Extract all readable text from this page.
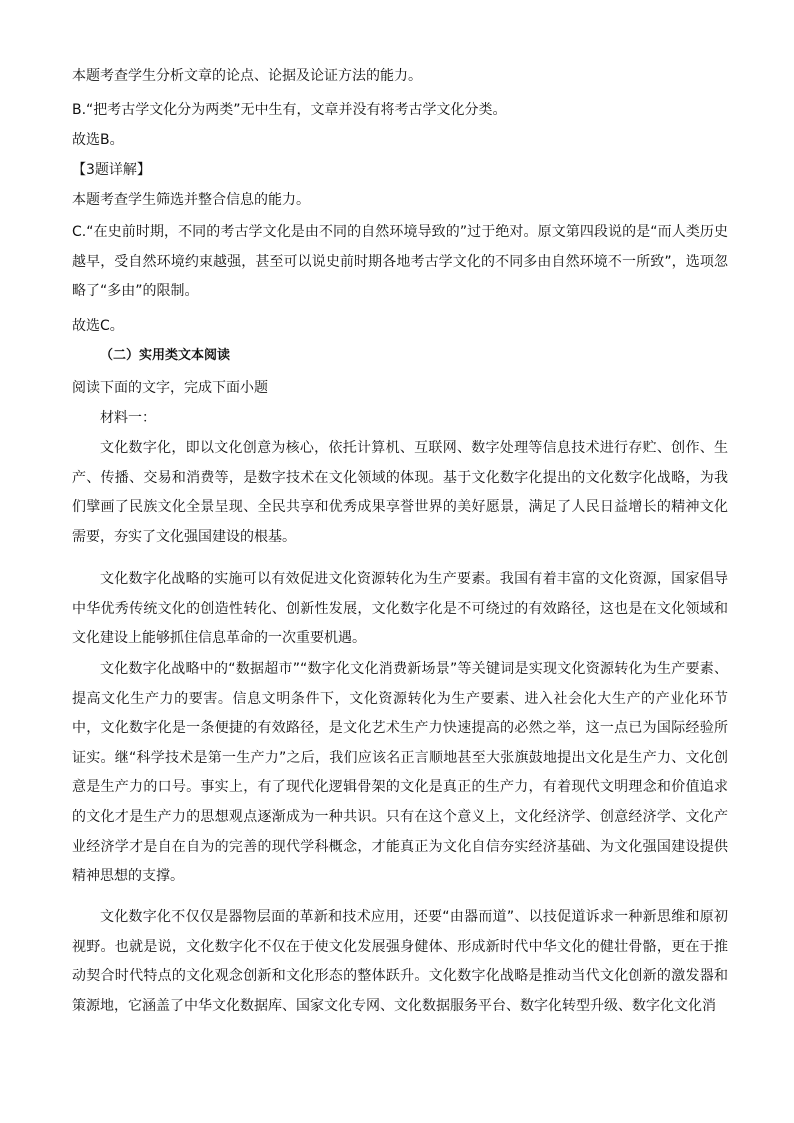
本题考查学生分析文章的论点、论据及论证方法的能力。

B.“把考古学文化分为两类”无中生有，文章并没有将考古学文化分类。

故选B。

【3题详解】

本题考查学生筛选并整合信息的能力。

C.“在史前时期，不同的考古学文化是由不同的自然环境导致的”过于绝对。原文第四段说的是“而人类历史越早，受自然环境约束越强，甚至可以说史前时期各地考古学文化的不同多由自然环境不一所致”，选项忽略了“多由”的限制。

故选C。

（二）实用类文本阅读

阅读下面的文字，完成下面小题

材料一：

文化数字化，即以文化创意为核心，依托计算机、互联网、数字处理等信息技术进行存贮、创作、生产、传播、交易和消费等，是数字技术在文化领域的体现。基于文化数字化提出的文化数字化战略，为我们擘画了民族文化全景呈现、全民共享和优秀成果享誉世界的美好愿景，满足了人民日益增长的精神文化需要，夯实了文化强国建设的根基。

文化数字化战略的实施可以有效促进文化资源转化为生产要素。我国有着丰富的文化资源，国家倡导中华优秀传统文化的创造性转化、创新性发展，文化数字化是不可绕过的有效路径，这也是在文化领域和文化建设上能够抓住信息革命的一次重要机遇。

文化数字化战略中的“数据超市”“数字化文化消费新场景”等关键词是实现文化资源转化为生产要素、提高文化生产力的要害。信息文明条件下，文化资源转化为生产要素、进入社会化大生产的产业化环节中，文化数字化是一条便捷的有效路径，是文化艺术生产力快速提高的必然之举，这一点已为国际经验所证实。继“科学技术是第一生产力”之后，我们应该名正言顺地甚至大张旗鼓地提出文化是生产力、文化创意是生产力的口号。事实上，有了现代化逻辑骨架的文化是真正的生产力，有着现代文明理念和价值追求的文化才是生产力的思想观点逐渐成为一种共识。只有在这个意义上，文化经济学、创意经济学、文化产业经济学才是自在自为的完善的现代学科概念，才能真正为文化自信夯实经济基础、为文化强国建设提供精神思想的支撑。

文化数字化不仅仅是器物层面的革新和技术应用，还要“由器而道”、以技促道诉求一种新思维和原初视野。也就是说，文化数字化不仅在于使文化发展强身健体、形成新时代中华文化的健壮骨骼，更在于推动契合时代特点的文化观念创新和文化形态的整体跃升。文化数字化战略是推动当代文化创新的激发器和策源地，它涵盖了中华文化数据库、国家文化专网、文化数据服务平台、数字化转型升级、数字化文化消
